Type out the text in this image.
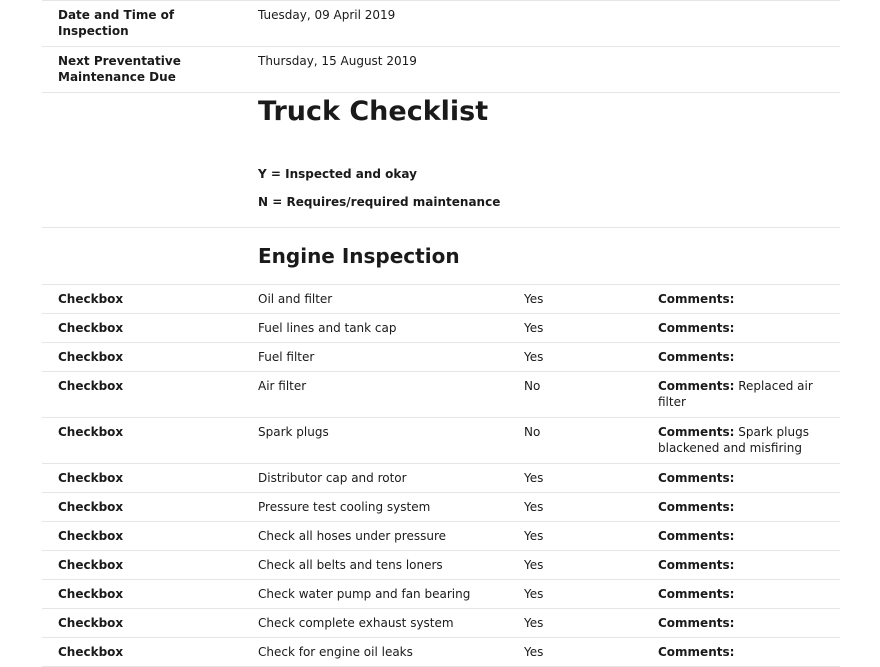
Date and Time of Inspection
Tuesday, 09 April 2019
Next Preventative Maintenance Due
Thursday, 15 August 2019
Truck Checklist
Y = Inspected and okay
N = Requires/required maintenance
Engine Inspection
Checkbox	Oil and filter	Yes	Comments:
Checkbox	Fuel lines and tank cap	Yes	Comments:
Checkbox	Fuel filter	Yes	Comments:
Checkbox	Air filter	No	Comments: Replaced air filter
Checkbox	Spark plugs	No	Comments: Spark plugs blackened and misfiring
Checkbox	Distributor cap and rotor	Yes	Comments:
Checkbox	Pressure test cooling system	Yes	Comments:
Checkbox	Check all hoses under pressure	Yes	Comments:
Checkbox	Check all belts and tens loners	Yes	Comments:
Checkbox	Check water pump and fan bearing	Yes	Comments:
Checkbox	Check complete exhaust system	Yes	Comments:
Checkbox	Check for engine oil leaks	Yes	Comments:
